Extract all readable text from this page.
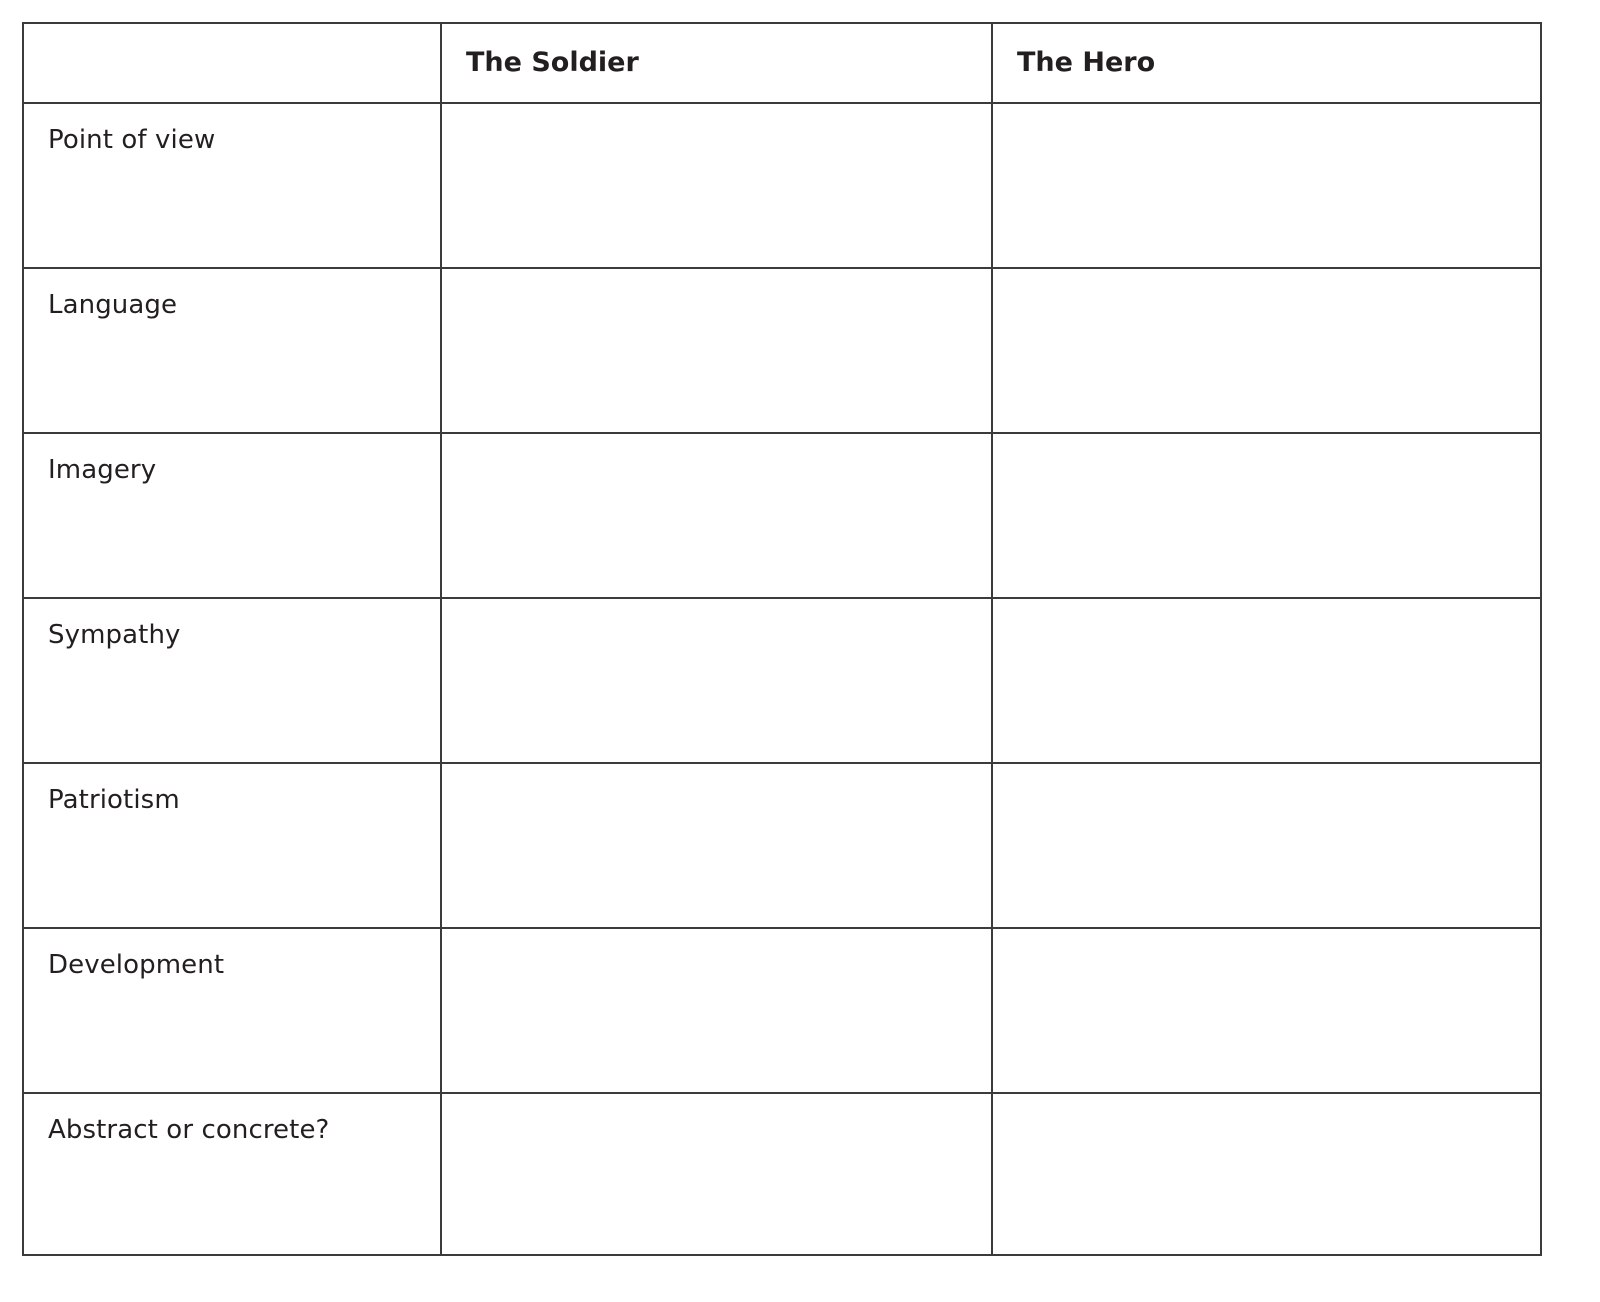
	The Soldier	The Hero

Point of view		

Language		

Imagery		

Sympathy		

Patriotism		

Development		

Abstract or concrete?		
